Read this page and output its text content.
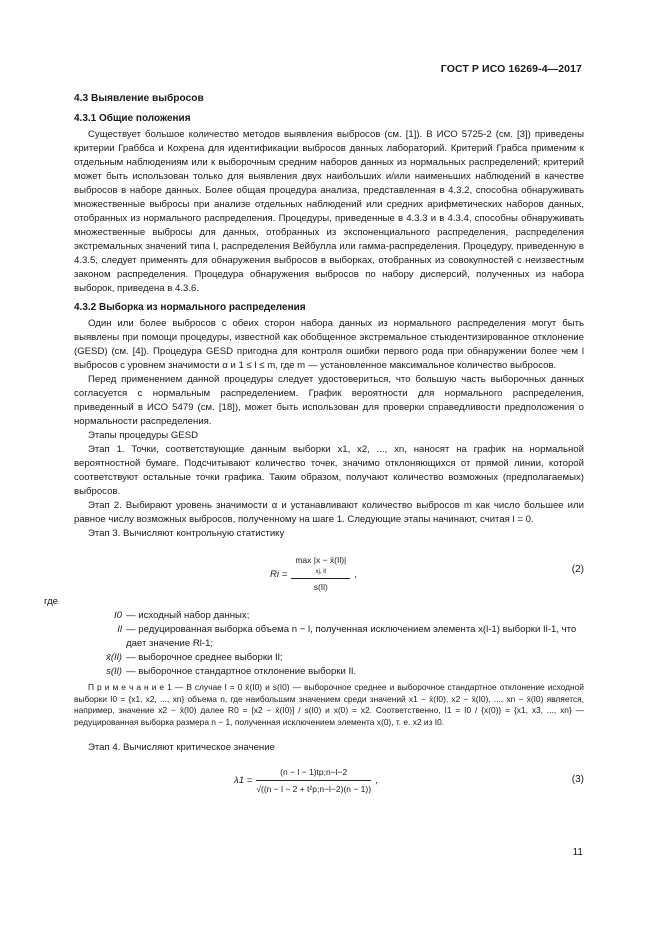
ГОСТ Р ИСО 16269-4—2017
4.3 Выявление выбросов
4.3.1 Общие положения

Существует большое количество методов выявления выбросов (см. [1]). В ИСО 5725-2 (см. [3]) приведены критерии Граббса и Кохрена для идентификации выбросов данных лабораторий. Критерий Грабса применим к отдельным наблюдениям или к выборочным средним наборов данных из нормальных распределений; критерий может быть использован только для выявления двух наибольших и/или наименьших наблюдений в качестве выбросов в наборе данных. Более общая процедура анализа, представленная в 4.3.2, способна обнаруживать множественные выбросы при анализе отдельных наблюдений или средних арифметических наборов данных, отобранных из нормального распределения. Процедуры, приведенные в 4.3.3 и в 4.3.4, способны обнаруживать множественные выбросы для данных, отобранных из экспоненциального распределения, распределения экстремальных значений типа I, распределения Вейбулла или гамма-распределения. Процедуру, приведенную в 4.3.5, следует применять для обнаружения выбросов в выборках, отобранных из совокупностей с неизвестным законом распределения. Процедура обнаружения выбросов по набору дисперсий, полученных из набора выборок, приведена в 4.3.6.

4.3.2 Выборка из нормального распределения

Один или более выбросов с обеих сторон набора данных из нормального распределения могут быть выявлены при помощи процедуры, известной как обобщенное экстремальное стьюдентизированное отклонение (GESD) (см. [4]). Процедура GESD пригодна для контроля ошибки первого рода при обнаружении более чем l выбросов с уровнем значимости α и 1 ≤ l ≤ m, где m — установленное максимальное количество выбросов.

Перед применением данной процедуры следует удостовериться, что большую часть выборочных данных согласуется с нормальным распределением. График вероятности для нормального распределения, приведенный в ИСО 5479 (см. [18]), может быть использован для проверки справедливости предположения о нормальности распределения.

Этапы процедуры GESD

Этап 1. Точки, соответствующие данным выборки x1, x2, ..., xn, наносят на график на нормальной вероятностной бумаге. Подсчитывают количество точек, значимо отклоняющихся от прямой линии, которой соответствуют остальные точки графика. Таким образом, получают количество возможных (предполагаемых) выбросов.

Этап 2. Выбирают уровень значимости α и устанавливают количество выбросов m как число большее или равное числу возможных выбросов, полученному на шаге 1. Следующие этапы начинают, считая l = 0.

Этап 3. Вычисляют контрольную статистику

Ri =
max |x − x̄(Il)|
xj, Il
s(Il)
,	(2)

где

I0 — исходный набор данных;
Il — редуцированная выборка объема n − l, полученная исключением элемента x(l-1) выборки Il-1, что дает значение Rl-1;
x̄(Il) — выборочное среднее выборки Il;
s(Il) — выборочное стандартное отклонение выборки Il.

П р и м е ч а н и е 1 — В случае l = 0 x̄(I0) и s(I0) — выборочное среднее и выборочное стандартное отклонение исходной выборки I0 = {x1, x2, ..., xn} объема n, где наибольшим значением среди значений x1 − x̄(I0), x2 − x̄(I0), ..., xn − x̄(I0) является, например, значение x2 − x̄(I0) далее R0 = [x2 − x̄(I0)] / s(I0) и x(0) = x2. Соответственно, I1 = I0 / {x(0)} = {x1, x3, ..., xn} — редуцированная выборка размера n − 1, полученная исключением элемента x(0), т. е. x2 из I0.

Этап 4. Вычисляют критическое значение

$\lambda 1 = \frac{(n - l - 1)tp;n-l-2}{\text{√((n − l − 2 + t²p;n−l−2)(n − 1))}}$ ,	(3)
11
